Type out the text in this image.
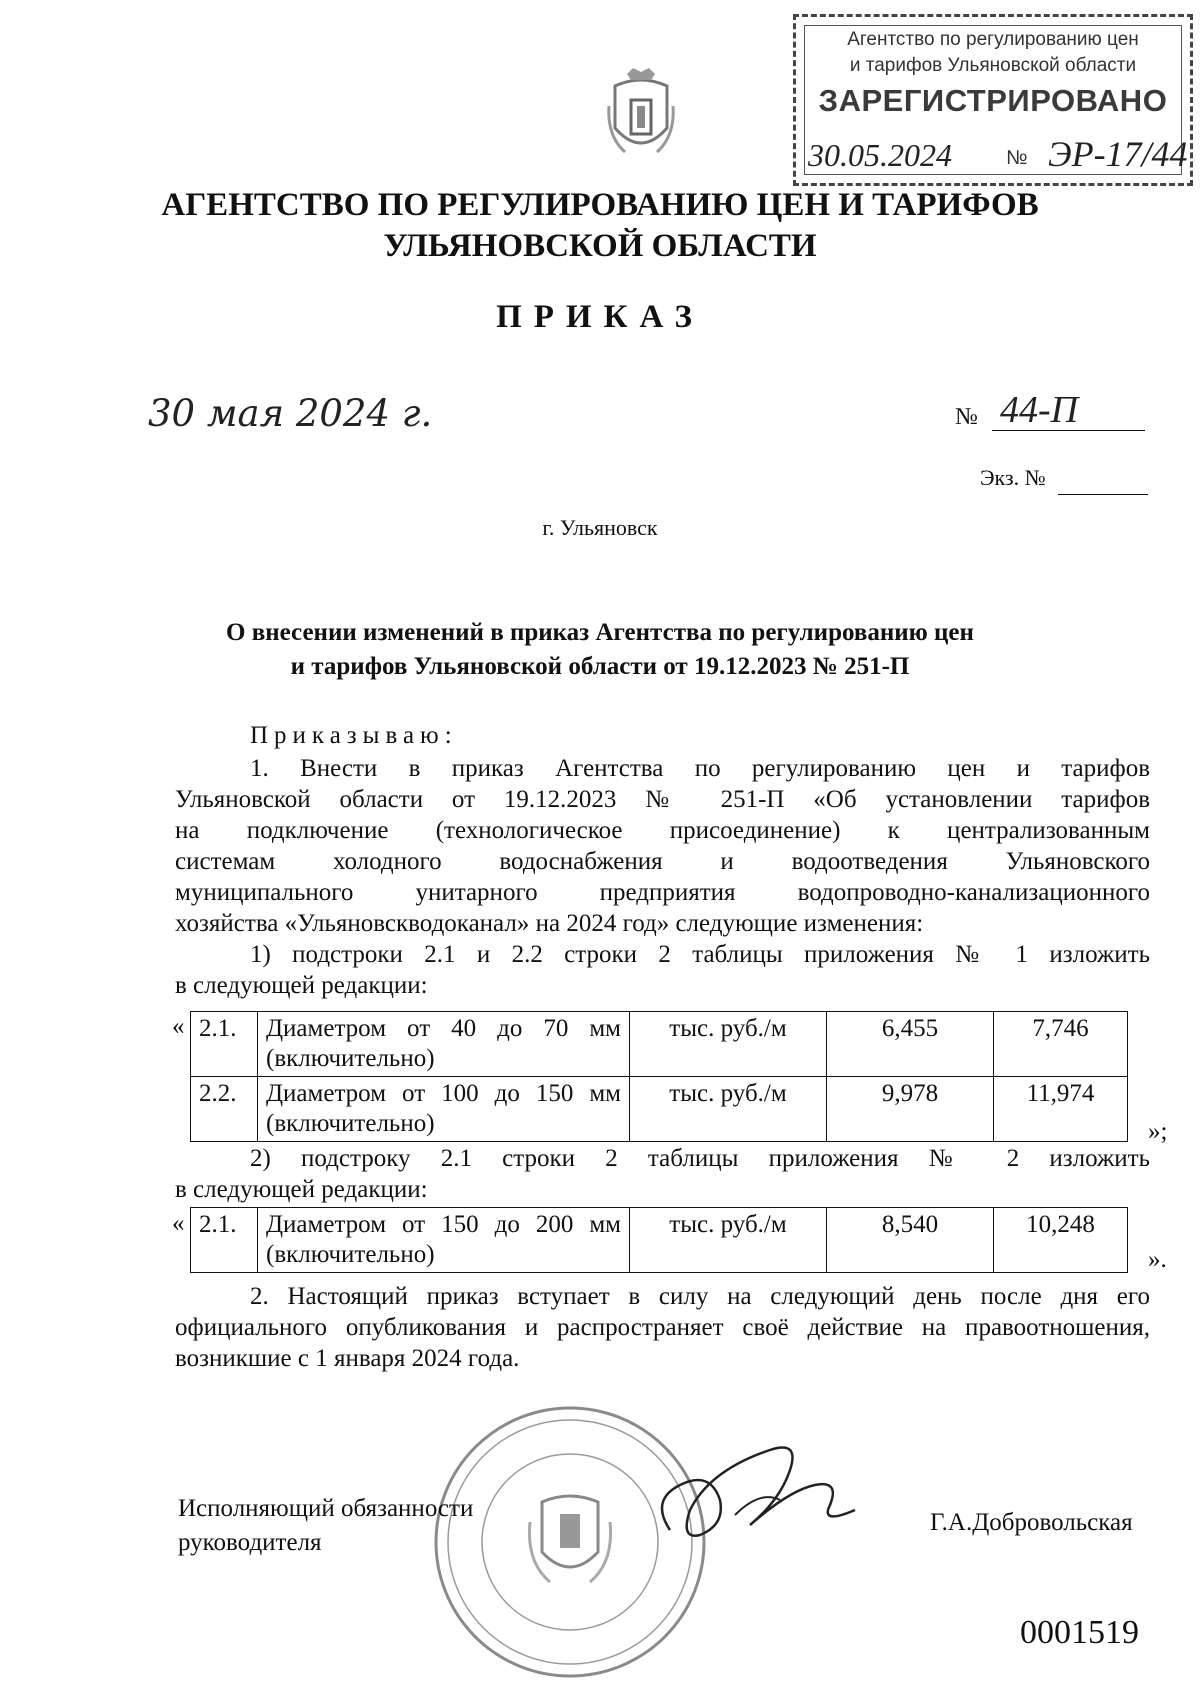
Агентство по регулированию цен
и тарифов Ульяновской области
ЗАРЕГИСТРИРОВАНО
30.05.2024	№ ЭР-17/44
АГЕНТСТВО ПО РЕГУЛИРОВАНИЮ ЦЕН И ТАРИФОВ
УЛЬЯНОВСКОЙ ОБЛАСТИ
ПРИКАЗ
30 мая 2024 г.	№ 44-П
Экз. №
г. Ульяновск
О внесении изменений в приказ Агентства по регулированию цен
и тарифов Ульяновской области от 19.12.2023 № 251-П
Приказываю:
1. Внести в приказ Агентства по регулированию цен и тарифов
Ульяновской области от 19.12.2023 № 251-П «Об установлении тарифов
на подключение (технологическое присоединение) к централизованным
системам холодного водоснабжения и водоотведения Ульяновского
муниципального унитарного предприятия водопроводно-канализационного
хозяйства «Ульяновскводоканал» на 2024 год» следующие изменения:
1) подстроки 2.1 и 2.2 строки 2 таблицы приложения № 1 изложить
в следующей редакции:
« 2.1.	Диаметром от 40 до 70 мм
(включительно)	тыс. руб./м	6,455	7,746
2.2.	Диаметром от 100 до 150 мм
(включительно)	тыс. руб./м	9,978	11,974
»;
2) подстроку 2.1 строки 2 таблицы приложения № 2 изложить
в следующей редакции:
« 2.1.	Диаметром от 150 до 200 мм
(включительно)
	тыс. руб./м	8,540	10,248
».
2. Настоящий приказ вступает в силу на следующий день после дня его
официального опубликования и распространяет своё действие на правоотношения,
возникшие с 1 января 2024 года.
Исполняющий обязанности
руководителя
Г.А.Добровольская
0001519
